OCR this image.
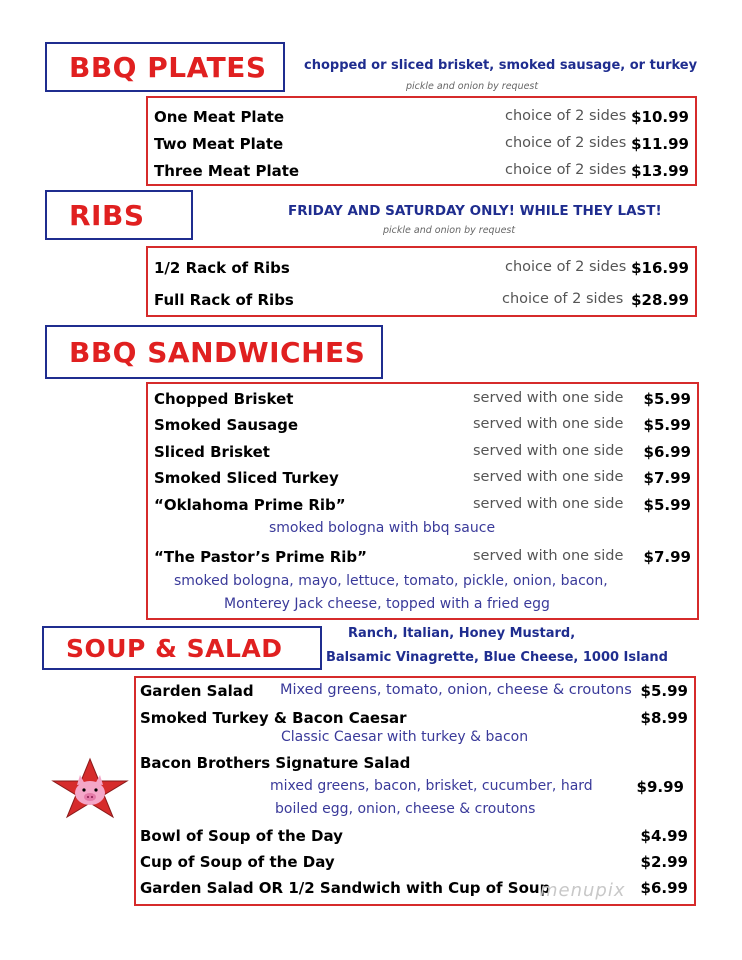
BBQ PLATES	chopped or sliced brisket, smoked sausage, or turkey
pickle and onion by request
One Meat Plate	choice of 2 sides $10.99
Two Meat Plate	choice of 2 sides $11.99
Three Meat Plate	choice of 2 sides $13.99
RIBS	FRIDAY AND SATURDAY ONLY! WHILE THEY LAST!
pickle and onion by request
1/2 Rack of Ribs	choice of 2 sides $16.99
Full Rack of Ribs	choice of 2 sides $28.99
BBQ SANDWICHES
Chopped Brisket	served with one side $5.99
Smoked Sausage	served with one side $5.99
Sliced Brisket	served with one side $6.99
Smoked Sliced Turkey	served with one side $7.99
“Oklahoma Prime Rib”	served with one side $5.99
smoked bologna with bbq sauce
“The Pastor’s Prime Rib”	served with one side $7.99
smoked bologna, mayo, lettuce, tomato, pickle, onion, bacon,
Monterey Jack cheese, topped with a fried egg
SOUP & SALAD	Ranch, Italian, Honey Mustard,
Balsamic Vinagrette, Blue Cheese, 1000 Island
Garden Salad Mixed greens, tomato, onion, cheese & croutons $5.99
Smoked Turkey & Bacon Caesar	$8.99
Classic Caesar with turkey & bacon
Bacon Brothers Signature Salad
mixed greens, bacon, brisket, cucumber, hard	$9.99
boiled egg, onion, cheese & croutons
Bowl of Soup of the Day	$4.99
Cup of Soup of the Day	$2.99
Garden Salad OR 1/2 Sandwich with Cup of Soup	$6.99
menupix
